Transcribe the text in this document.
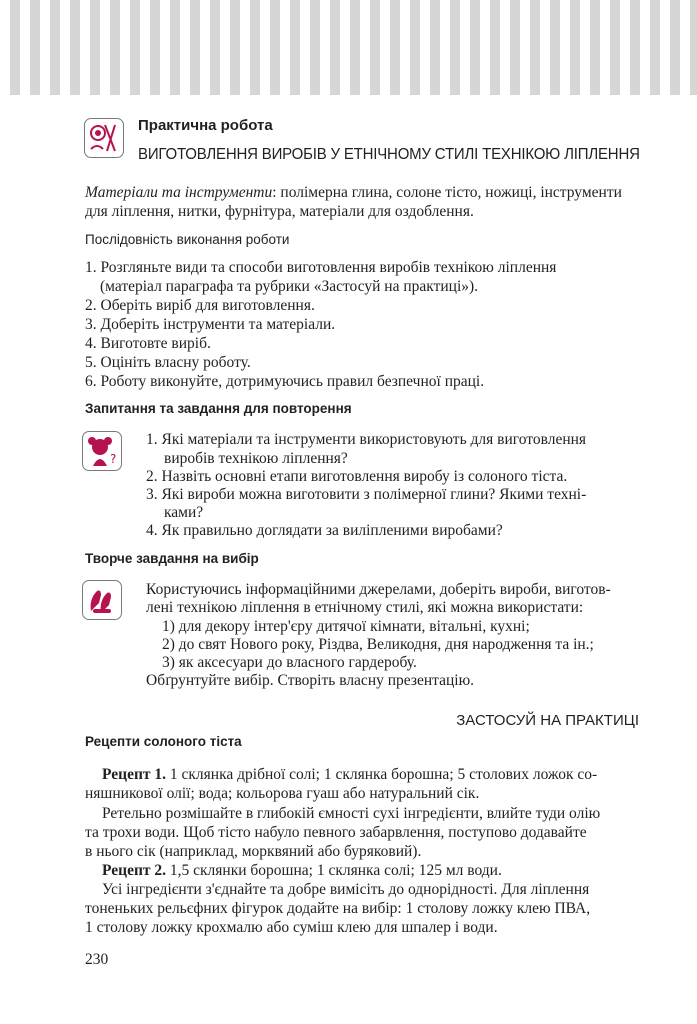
Практична робота
ВИГОТОВЛЕННЯ ВИРОБІВ У ЕТНІЧНОМУ СТИЛІ ТЕХНІКОЮ ЛІПЛЕННЯ
Матеріали та інструменти: полімерна глина, солоне тісто, ножиці, інструменти
для ліплення, нитки, фурнітура, матеріали для оздоблення.
Послідовність виконання роботи
1. Розгляньте види та способи виготовлення виробів технікою ліплення
(матеріал параграфа та рубрики «Застосуй на практиці»).
2. Оберіть виріб для виготовлення.
3. Доберіть інструменти та матеріали.
4. Виготовте виріб.
5. Оцініть власну роботу.
6. Роботу виконуйте, дотримуючись правил безпечної праці.
Запитання та завдання для повторення
?
1. Які матеріали та інструменти використовують для виготовлення
виробів технікою ліплення?
2. Назвіть основні етапи виготовлення виробу із солоного тіста.
3. Які вироби можна виготовити з полімерної глини? Якими техні-
ками?
4. Як правильно доглядати за виліпленими виробами?
Творче завдання на вибір
Користуючись інформаційними джерелами, доберіть вироби, виготов-
лені технікою ліплення в етнічному стилі, які можна використати:
1) для декору інтер'єру дитячої кімнати, вітальні, кухні;
2) до свят Нового року, Різдва, Великодня, дня народження та ін.;
3) як аксесуари до власного гардеробу.
Обґрунтуйте вибір. Створіть власну презентацію.
ЗАСТОСУЙ НА ПРАКТИЦІ
Рецепти солоного тіста
Рецепт 1. 1 склянка дрібної солі; 1 склянка борошна; 5 столових ложок со-
няшникової олії; вода; кольорова гуаш або натуральний сік.
Ретельно розмішайте в глибокій ємності сухі інгредієнти, влийте туди олію
та трохи води. Щоб тісто набуло певного забарвлення, поступово додавайте
в нього сік (наприклад, морквяний або буряковий).
Рецепт 2. 1,5 склянки борошна; 1 склянка солі; 125 мл води.
Усі інгредієнти з'єднайте та добре вимісіть до однорідності. Для ліплення
тоненьких рельєфних фігурок додайте на вибір: 1 столову ложку клею ПВА,
1 столову ложку крохмалю або суміш клею для шпалер і води.
230
